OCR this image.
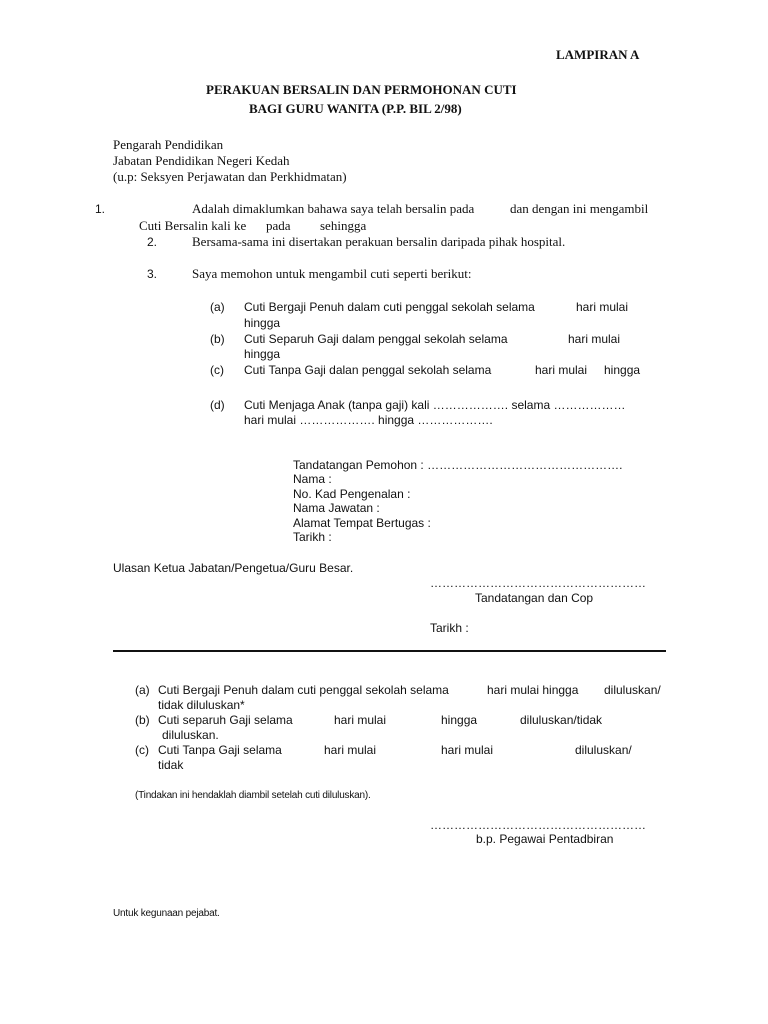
LAMPIRAN A
PERAKUAN BERSALIN DAN PERMOHONAN CUTI
BAGI GURU WANITA (P.P. BIL 2/98)
Pengarah Pendidikan
Jabatan Pendidikan Negeri Kedah
(u.p: Seksyen Perjawatan dan Perkhidmatan)
1.	Adalah dimaklumkan bahawa saya telah bersalin pada	dan dengan ini mengambil
Cuti Bersalin kali ke pada sehingga
2.	Bersama-sama ini disertakan perakuan bersalin daripada pihak hospital.
3.	Saya memohon untuk mengambil cuti seperti berikut:
(a) Cuti Bergaji Penuh dalam cuti penggal sekolah selama	hari mulai
hingga
(b) Cuti Separuh Gaji dalam penggal sekolah selama	hari mulai
hingga
(c) Cuti Tanpa Gaji dalan penggal sekolah selama	hari mulai hingga
(d) Cuti Menjaga Anak (tanpa gaji) kali ………………. selama ………………
hari mulai ………………. hingga ……………….
Tandatangan Pemohon : ………………………………………….
Nama :
No. Kad Pengenalan :
Nama Jawatan :
Alamat Tempat Bertugas :
Tarikh :
Ulasan Ketua Jabatan/Pengetua/Guru Besar.
………………………………………………
Tandatangan dan Cop
Tarikh :
(a) Cuti Bergaji Penuh dalam cuti penggal sekolah selama	hari mulai hingga diluluskan/
tidak diluluskan*
(b) Cuti separuh Gaji selama	hari mulai	hingga	diluluskan/tidak
diluluskan.
(c) Cuti Tanpa Gaji selama	hari mulai	hari mulai	diluluskan/
tidak
(Tindakan ini hendaklah diambil setelah cuti diluluskan).
………………………………………………
b.p. Pegawai Pentadbiran
Untuk kegunaan pejabat.
